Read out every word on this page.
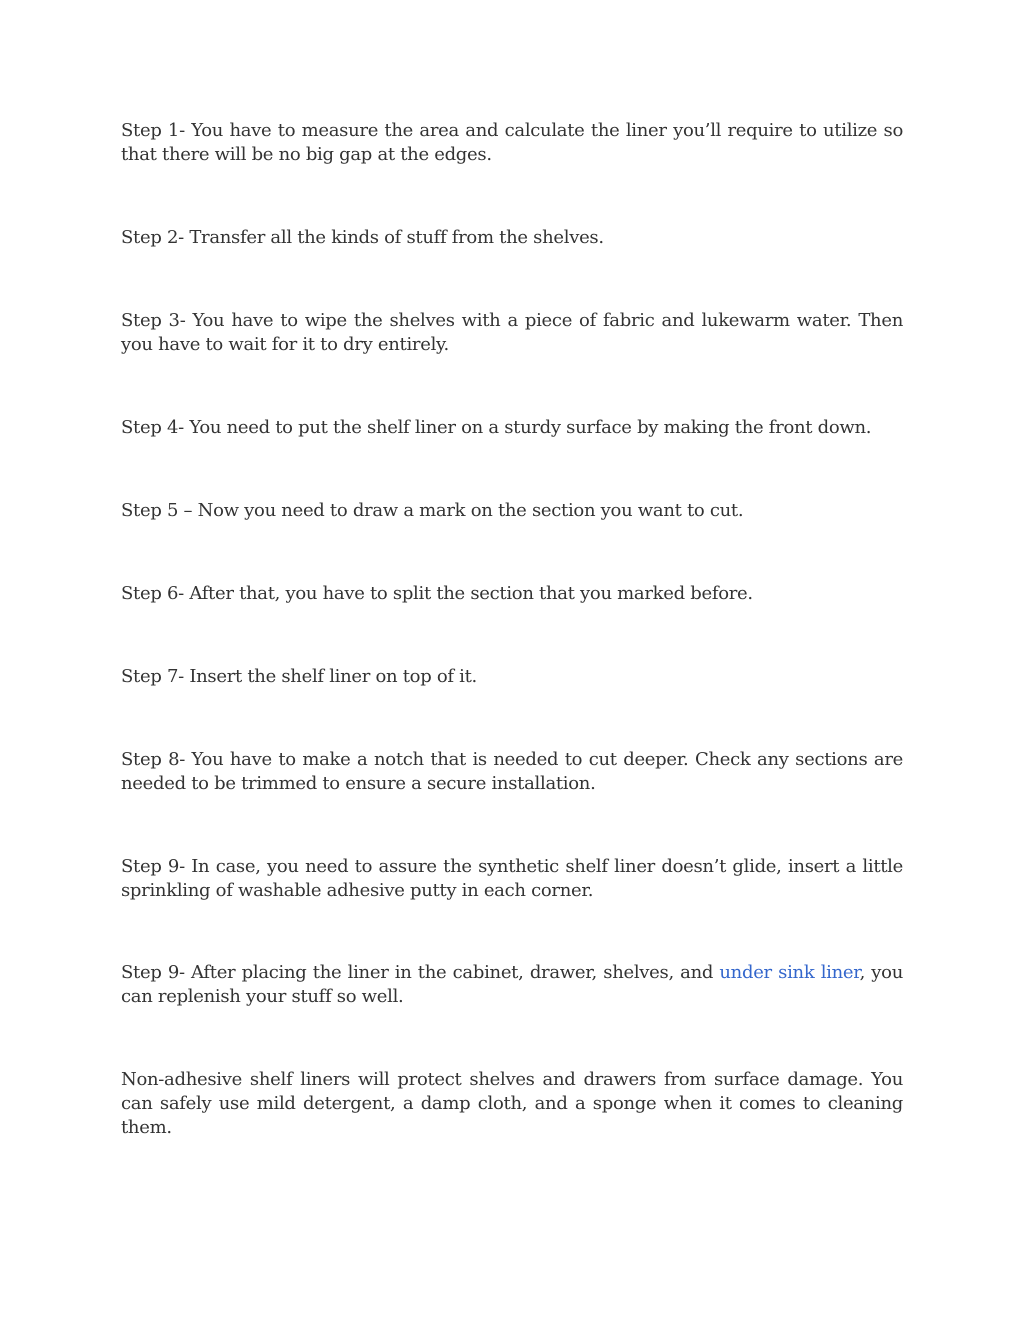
Step 1- You have to measure the area and calculate the liner you’ll require to utilize so that there will be no big gap at the edges.

Step 2- Transfer all the kinds of stuff from the shelves.

Step 3- You have to wipe the shelves with a piece of fabric and lukewarm water. Then you have to wait for it to dry entirely.

Step 4- You need to put the shelf liner on a sturdy surface by making the front down.

Step 5 – Now you need to draw a mark on the section you want to cut.

Step 6- After that, you have to split the section that you marked before.

Step 7- Insert the shelf liner on top of it.

Step 8- You have to make a notch that is needed to cut deeper. Check any sections are needed to be trimmed to ensure a secure installation.

Step 9- In case, you need to assure the synthetic shelf liner doesn’t glide, insert a little sprinkling of washable adhesive putty in each corner.

Step 9- After placing the liner in the cabinet, drawer, shelves, and under sink liner, you can replenish your stuff so well.

Non-adhesive shelf liners will protect shelves and drawers from surface damage. You can safely use mild detergent, a damp cloth, and a sponge when it comes to cleaning them.
